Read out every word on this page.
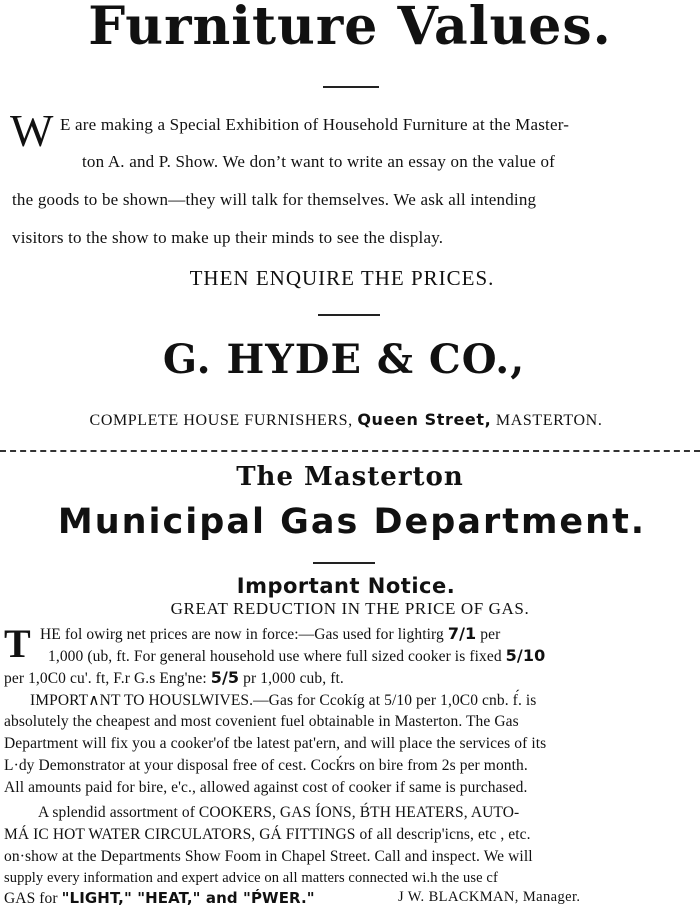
Furniture Values.
W E are making a Special Exhibition of Household Furniture at the Master-
ton A. and P. Show. We don’t want to write an essay on the value of
the goods to be shown—they will talk for themselves. We ask all intending
visitors to the show to make up their minds to see the display.
THEN ENQUIRE THE PRICES.
G. HYDE & CO.,
COMPLETE HOUSE FURNISHERS, Queen Street, MASTERTON.
The Masterton
Municipal Gas Department.
Important Notice.
GREAT REDUCTION IN THE PRICE OF GAS.
T HE fol owirg net prices are now in force:—Gas used for lightirg 7/1 per
1,000 (ub, ft. For general household use where full sized cooker is fixed 5/10
per 1,0C0 cu'. ft, F.r G.s Eng'ne: 5/5 pr 1,000 cub, ft.
IMPORT∧NT TO HOUSLWIVES.—Gas for Ccokíg at 5/10 per 1,0C0 cnb. f́. is
absolutely the cheapest and most covenient fuel obtainable in Masterton. The Gas
Department will fix you a cooker'of tbe latest pat'ern, and will place the services of its
L·dy Demonstrator at your disposal free of cest. Cocḱrs on bire from 2s per month.
All amounts paid for bire, e'c., allowed against cost of cooker if same is purchased.
A splendid assortment of COOKERS, GAS ÍONS, B́TH HEATERS, AUTO-
MÁ IC HOT WATER CIRCULATORS, GÁ FITTINGS of all descrip'icns, etc , etc.
on·show at the Departments Show Foom in Chapel Street. Call and inspect. We will
supply every information and expert advice on all matters connected wi.h the use cf
GAS for "LIGHT," "HEAT," and "ṔWER."	J W. BLACKMAN, Manager.
